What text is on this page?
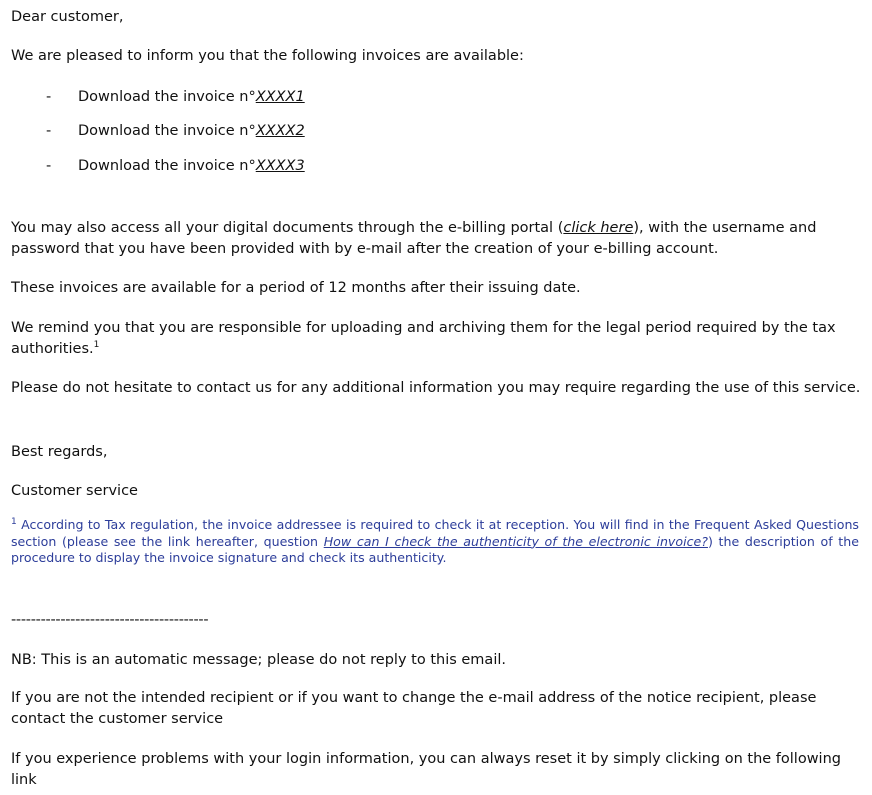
Dear customer,
We are pleased to inform you that the following invoices are available:
- Download the invoice n°XXXX1
- Download the invoice n°XXXX2
- Download the invoice n°XXXX3
You may also access all your digital documents through the e-billing portal (click here), with the username and password that you have been provided with by e-mail after the creation of your e-billing account.
These invoices are available for a period of 12 months after their issuing date.
We remind you that you are responsible for uploading and archiving them for the legal period required by the tax authorities.$^1$
Please do not hesitate to contact us for any additional information you may require regarding the use of this service.
Best regards,
Customer service
$^1$ According to Tax regulation, the invoice addressee is required to check it at reception. You will find in the Frequent Asked Questions section (please see the link hereafter, question How can I check the authenticity of the electronic invoice?) the description of the procedure to display the invoice signature and check its authenticity.
----------------------------------------
NB: This is an automatic message; please do not reply to this email.
If you are not the intended recipient or if you want to change the e-mail address of the notice recipient, please contact the customer service
If you experience problems with your login information, you can always reset it by simply clicking on the following link
